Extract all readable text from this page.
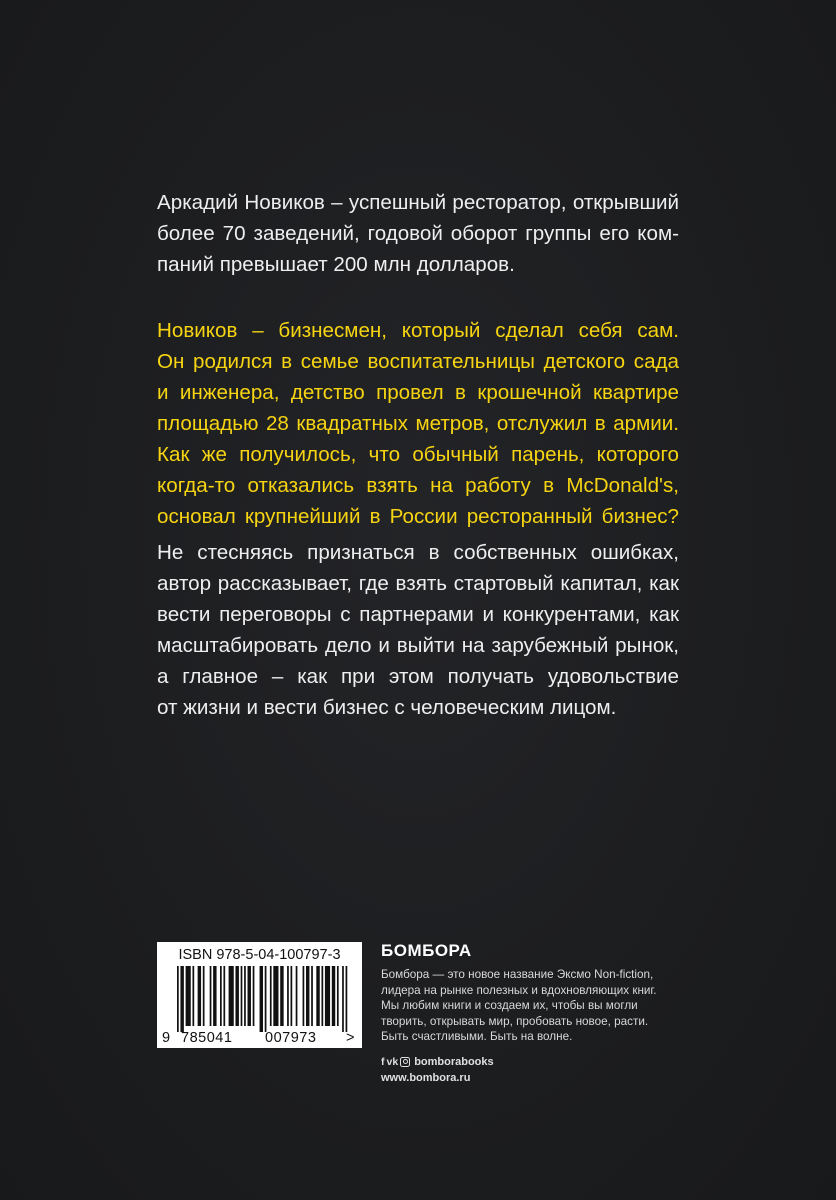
Аркадий Новиков – успешный ресторатор, открывший
более 70 заведений, годовой оборот группы его ком-
паний превышает 200 млн долларов.
Новиков – бизнесмен, который сделал себя сам.
Он родился в семье воспитательницы детского сада
и инженера, детство провел в крошечной квартире
площадью 28 квадратных метров, отслужил в армии.
Как же получилось, что обычный парень, которого
когда-то отказались взять на работу в McDonald's,
основал крупнейший в России ресторанный бизнес?
Не стесняясь признаться в собственных ошибках,
автор рассказывает, где взять стартовый капитал, как
вести переговоры с партнерами и конкурентами, как
масштабировать дело и выйти на зарубежный рынок,
а главное – как при этом получать удовольствие
от жизни и вести бизнес с человеческим лицом.
ISBN 978-5-04-100797-3
9 785041 007973 >
БОМБОРА
Бомбора — это новое название Эксмо Non-fiction,
лидера на рынке полезных и вдохновляющих книг.
Мы любим книги и создаем их, чтобы вы могли
творить, открывать мир, пробовать новое, расти.
Быть счастливыми. Быть на волне.
f vk bomborabooks
www.bombora.ru
